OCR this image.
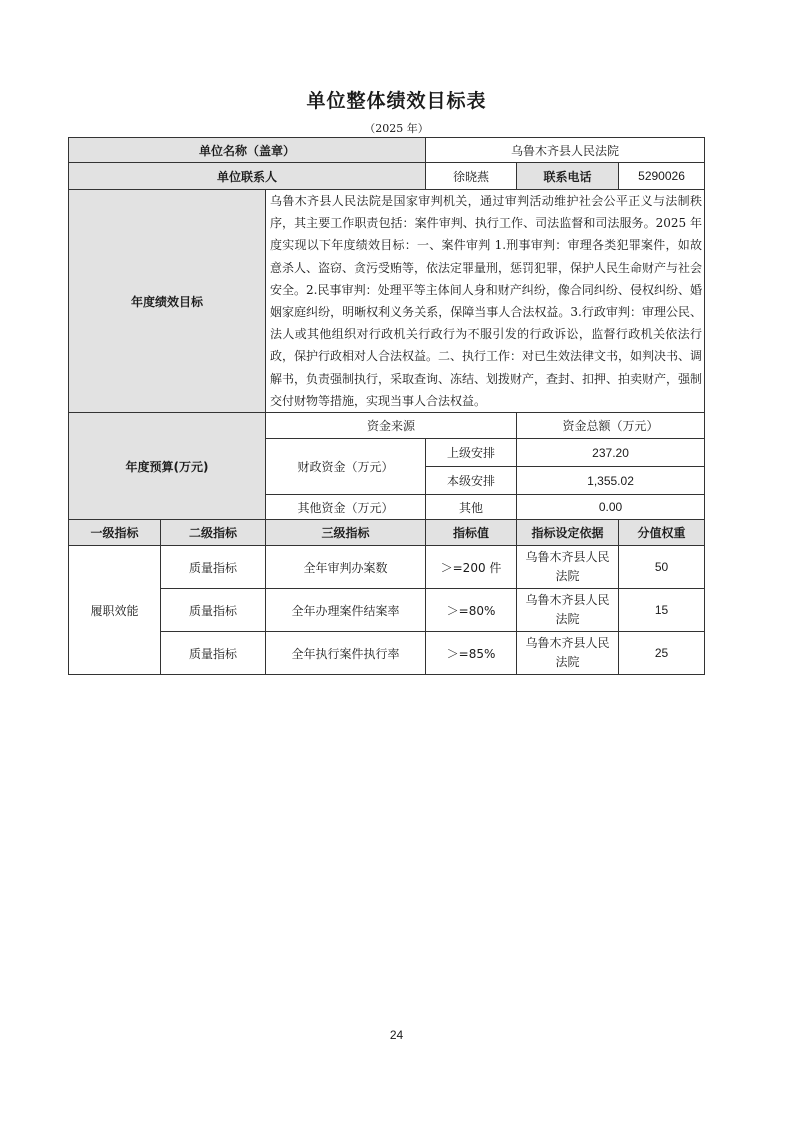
单位整体绩效目标表
（2025 年）
单位名称（盖章）			乌鲁木齐县人民法院		
单位联系人			徐晓燕	联系电话	5290026
年度绩效目标		乌鲁木齐县人民法院是国家审判机关，通过审判活动维护社会公平正义与法制秩序，其主要工作职责包括：案件审判、执行工作、司法监督和司法服务。2025 年度实现以下年度绩效目标：一、案件审判 1.刑事审判：审理各类犯罪案件，如故意杀人、盗窃、贪污受贿等，依法定罪量刑，惩罚犯罪，保护人民生命财产与社会安全。2.民事审判：处理平等主体间人身和财产纠纷，像合同纠纷、侵权纠纷、婚姻家庭纠纷，明晰权利义务关系，保障当事人合法权益。3.行政审判：审理公民、法人或其他组织对行政机关行政行为不服引发的行政诉讼，监督行政机关依法行政，保护行政相对人合法权益。二、执行工作：对已生效法律文书，如判决书、调解书，负责强制执行，采取查询、冻结、划拨财产，查封、扣押、拍卖财产，强制交付财物等措施，实现当事人合法权益。			
年度预算(万元)		资金来源		资金总额（万元）	
		财政资金（万元）	上级安排	237.20	
			本级安排	1,355.02	
		其他资金（万元）	其他	0.00	
一级指标	二级指标	三级指标	指标值	指标设定依据	分值权重
履职效能	质量指标	全年审判办案数	＞=200 件	乌鲁木齐县人民法院	50
	质量指标	全年办理案件结案率	＞=80%	乌鲁木齐县人民法院	15
	质量指标	全年执行案件执行率	＞=85%	乌鲁木齐县人民法院	25
24
